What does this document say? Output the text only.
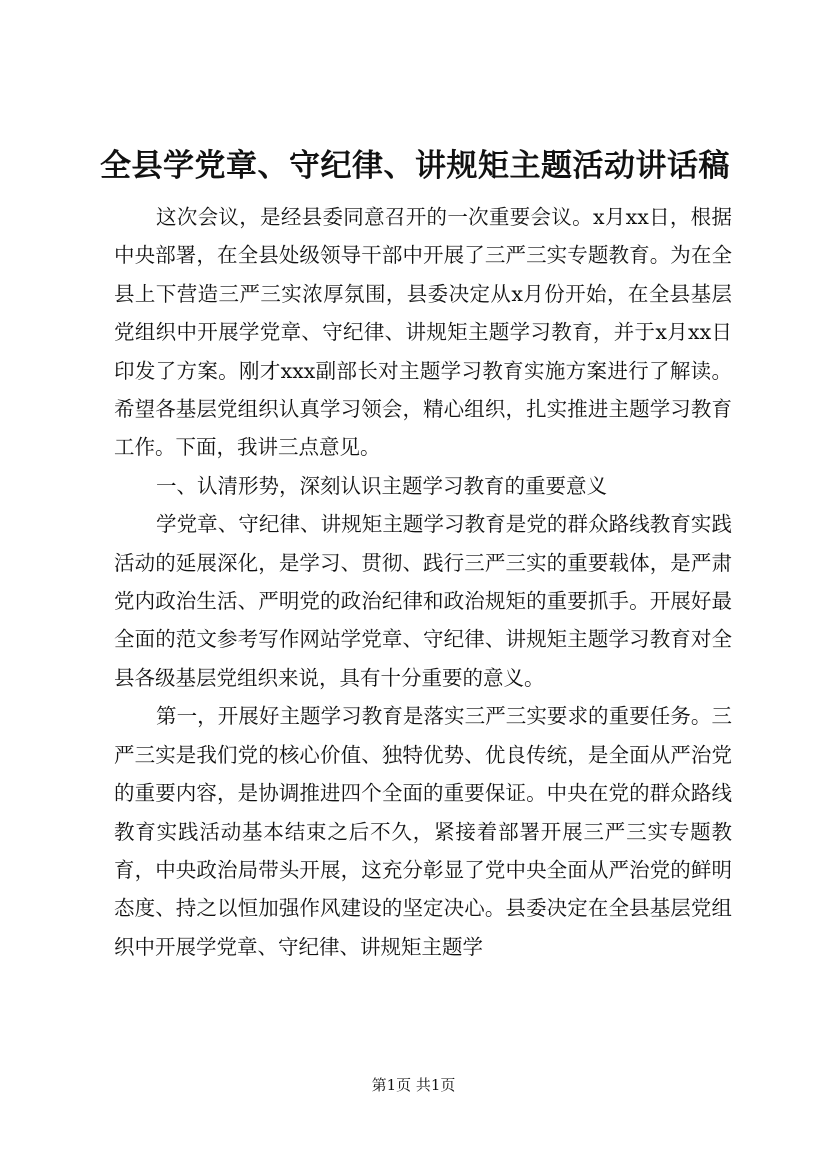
全县学党章、守纪律、讲规矩主题活动讲话稿

这次会议，是经县委同意召开的一次重要会议。x月xx日，根据中央部署，在全县处级领导干部中开展了三严三实专题教育。为在全县上下营造三严三实浓厚氛围，县委决定从x月份开始，在全县基层党组织中开展学党章、守纪律、讲规矩主题学习教育，并于x月xx日印发了方案。刚才xxx副部长对主题学习教育实施方案进行了解读。希望各基层党组织认真学习领会，精心组织，扎实推进主题学习教育工作。下面，我讲三点意见。

一、认清形势，深刻认识主题学习教育的重要意义

学党章、守纪律、讲规矩主题学习教育是党的群众路线教育实践活动的延展深化，是学习、贯彻、践行三严三实的重要载体，是严肃党内政治生活、严明党的政治纪律和政治规矩的重要抓手。开展好最全面的范文参考写作网站学党章、守纪律、讲规矩主题学习教育对全县各级基层党组织来说，具有十分重要的意义。

第一，开展好主题学习教育是落实三严三实要求的重要任务。三严三实是我们党的核心价值、独特优势、优良传统，是全面从严治党的重要内容，是协调推进四个全面的重要保证。中央在党的群众路线教育实践活动基本结束之后不久，紧接着部署开展三严三实专题教育，中央政治局带头开展，这充分彰显了党中央全面从严治党的鲜明态度、持之以恒加强作风建设的坚定决心。县委决定在全县基层党组织中开展学党章、守纪律、讲规矩主题学

第1页 共1页
